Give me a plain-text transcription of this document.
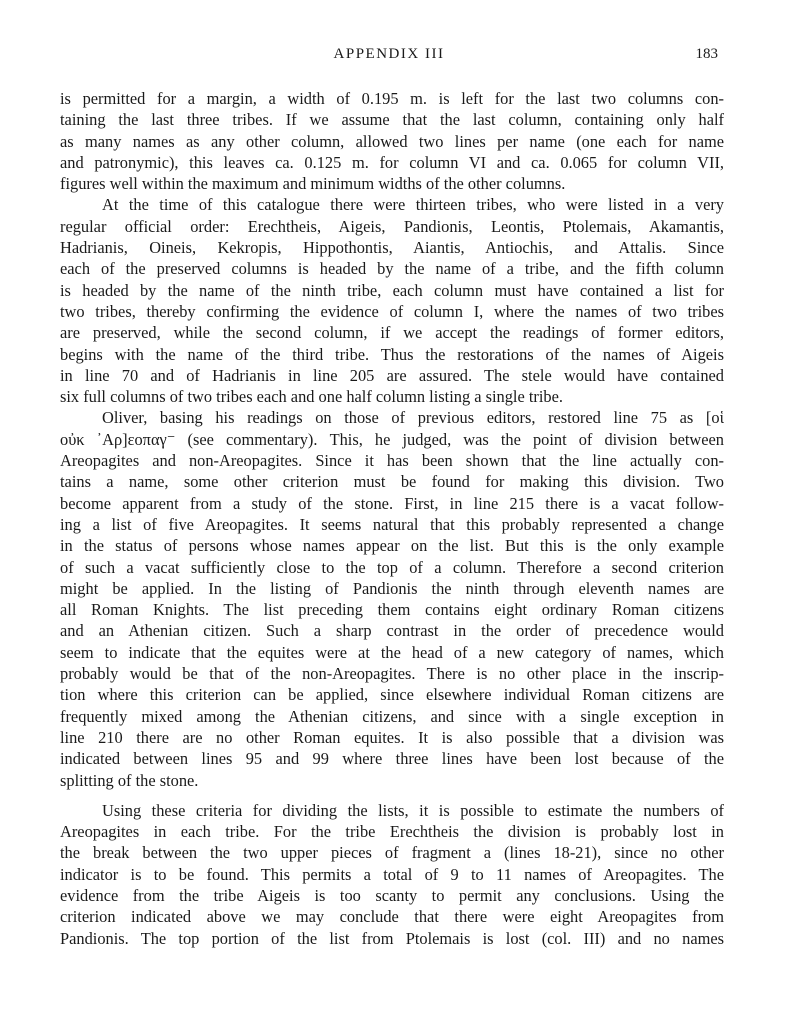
APPENDIX III	183
is permitted for a margin, a width of 0.195 m. is left for the last two columns con-
taining the last three tribes. If we assume that the last column, containing only half
as many names as any other column, allowed two lines per name (one each for name
and patronymic), this leaves ca. 0.125 m. for column VI and ca. 0.065 for column VII,
figures well within the maximum and minimum widths of the other columns.
At the time of this catalogue there were thirteen tribes, who were listed in a very
regular official order: Erechtheis, Aigeis, Pandionis, Leontis, Ptolemais, Akamantis,
Hadrianis, Oineis, Kekropis, Hippothontis, Aiantis, Antiochis, and Attalis. Since
each of the preserved columns is headed by the name of a tribe, and the fifth column
is headed by the name of the ninth tribe, each column must have contained a list for
two tribes, thereby confirming the evidence of column I, where the names of two tribes
are preserved, while the second column, if we accept the readings of former editors,
begins with the name of the third tribe. Thus the restorations of the names of Aigeis
in line 70 and of Hadrianis in line 205 are assured. The stele would have contained
six full columns of two tribes each and one half column listing a single tribe.
Oliver, basing his readings on those of previous editors, restored line 75 as [οἱ
οὐκ ᾿Αρ]εοπαγ⁻ (see commentary). This, he judged, was the point of division between
Areopagites and non-Areopagites. Since it has been shown that the line actually con-
tains a name, some other criterion must be found for making this division. Two
become apparent from a study of the stone. First, in line 215 there is a vacat follow-
ing a list of five Areopagites. It seems natural that this probably represented a change
in the status of persons whose names appear on the list. But this is the only example
of such a vacat sufficiently close to the top of a column. Therefore a second criterion
might be applied. In the listing of Pandionis the ninth through eleventh names are
all Roman Knights. The list preceding them contains eight ordinary Roman citizens
and an Athenian citizen. Such a sharp contrast in the order of precedence would
seem to indicate that the equites were at the head of a new category of names, which
probably would be that of the non-Areopagites. There is no other place in the inscrip-
tion where this criterion can be applied, since elsewhere individual Roman citizens are
frequently mixed among the Athenian citizens, and since with a single exception in
line 210 there are no other Roman equites. It is also possible that a division was
indicated between lines 95 and 99 where three lines have been lost because of the
splitting of the stone.
Using these criteria for dividing the lists, it is possible to estimate the numbers of
Areopagites in each tribe. For the tribe Erechtheis the division is probably lost in
the break between the two upper pieces of fragment a (lines 18-21), since no other
indicator is to be found. This permits a total of 9 to 11 names of Areopagites. The
evidence from the tribe Aigeis is too scanty to permit any conclusions. Using the
criterion indicated above we may conclude that there were eight Areopagites from
Pandionis. The top portion of the list from Ptolemais is lost (col. III) and no names
